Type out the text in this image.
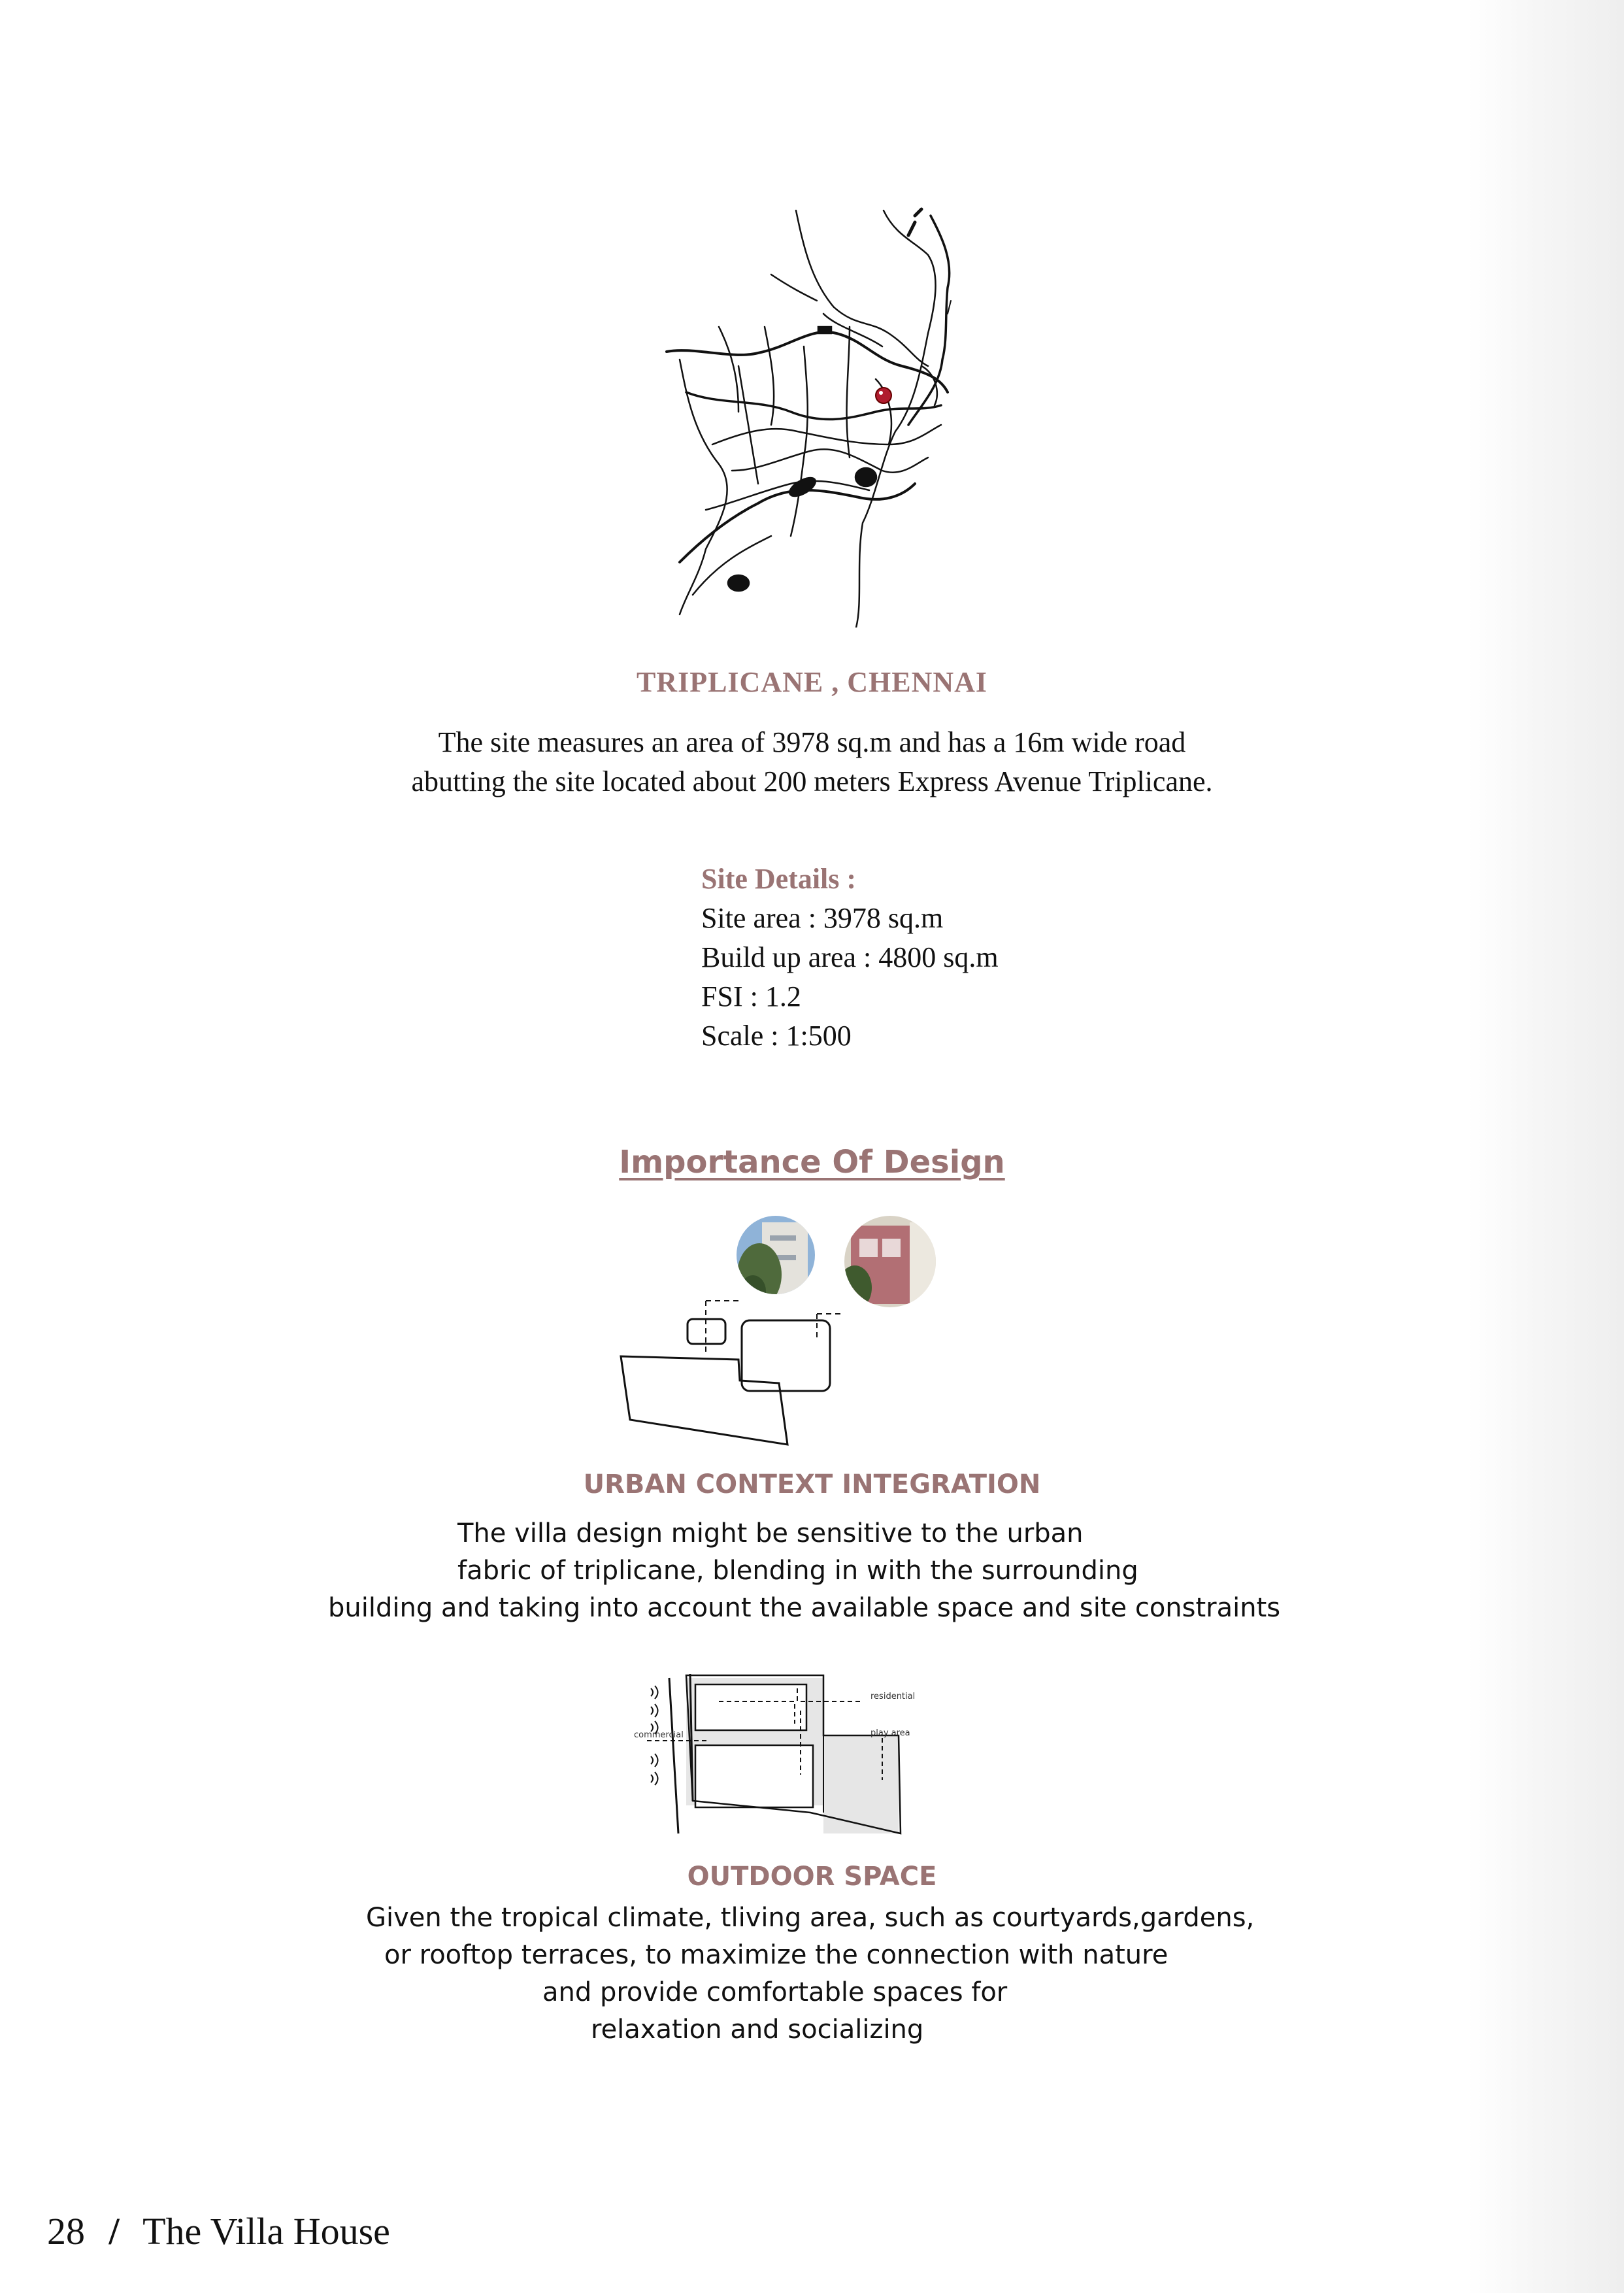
TRIPLICANE , CHENNAI
The site measures an area of 3978 sq.m and has a 16m wide road
abutting the site located about 200 meters Express Avenue Triplicane.
Site Details :
Site area : 3978 sq.m
Build up area : 4800 sq.m
FSI : 1.2
Scale : 1:500
Importance Of Design
URBAN CONTEXT INTEGRATION
The villa design might be sensitive to the urban
fabric of triplicane, blending in with the surrounding
building and taking into account the available space and site constraints
residential
commercial	play area
OUTDOOR SPACE
Given the tropical climate, tliving area, such as courtyards,gardens,
or rooftop terraces, to maximize the connection with nature
and provide comfortable spaces for
relaxation and socializing
28 / The Villa House
